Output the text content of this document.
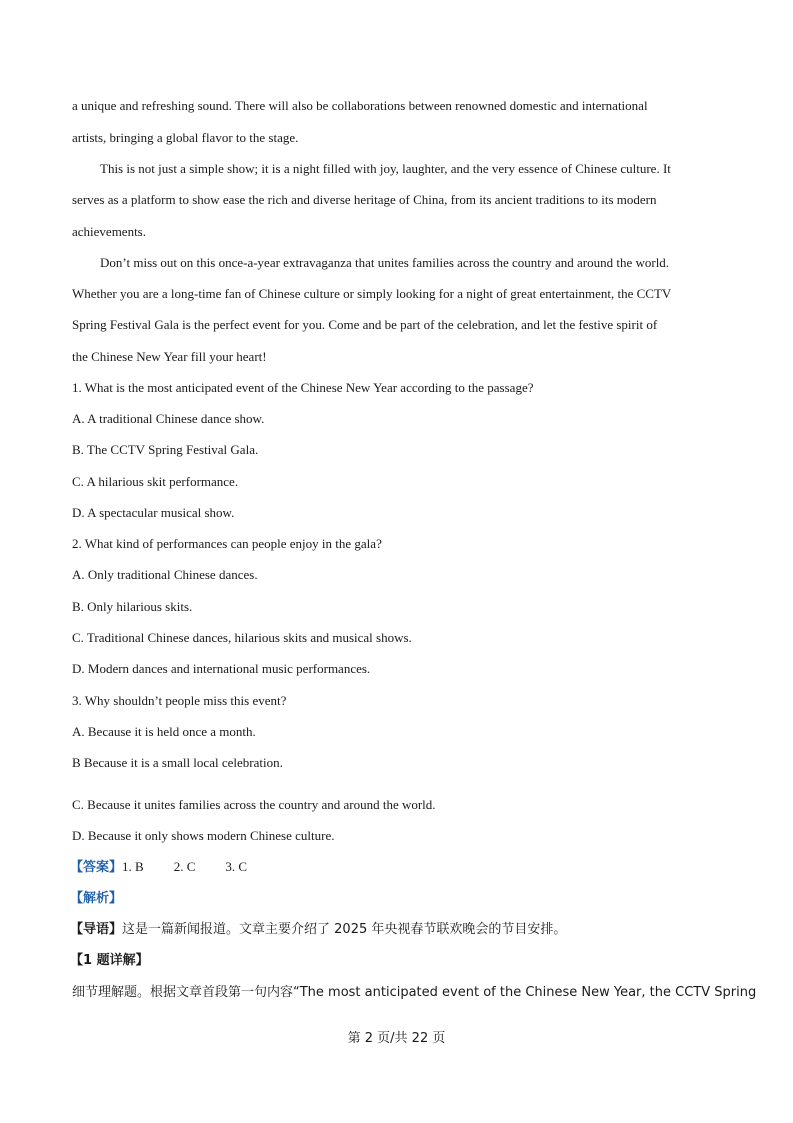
a unique and refreshing sound. There will also be collaborations between renowned domestic and international
artists, bringing a global flavor to the stage.
This is not just a simple show; it is a night filled with joy, laughter, and the very essence of Chinese culture. It
serves as a platform to show ease the rich and diverse heritage of China, from its ancient traditions to its modern
achievements.
Don’t miss out on this once-a-year extravaganza that unites families across the country and around the world.
Whether you are a long-time fan of Chinese culture or simply looking for a night of great entertainment, the CCTV
Spring Festival Gala is the perfect event for you. Come and be part of the celebration, and let the festive spirit of
the Chinese New Year fill your heart!
1. What is the most anticipated event of the Chinese New Year according to the passage?
A. A traditional Chinese dance show.
B. The CCTV Spring Festival Gala.
C. A hilarious skit performance.
D. A spectacular musical show.
2. What kind of performances can people enjoy in the gala?
A. Only traditional Chinese dances.
B. Only hilarious skits.
C. Traditional Chinese dances, hilarious skits and musical shows.
D. Modern dances and international music performances.
3. Why shouldn’t people miss this event?
A. Because it is held once a month.
B Because it is a small local celebration.
C. Because it unites families across the country and around the world.
D. Because it only shows modern Chinese culture.
【答案】1. B 2. C 3. C
【解析】
【导语】这是一篇新闻报道。文章主要介绍了 2025 年央视春节联欢晚会的节目安排。
【1 题详解】
细节理解题。根据文章首段第一句内容“The most anticipated event of the Chinese New Year, the CCTV Spring
第 2 页/共 22 页
